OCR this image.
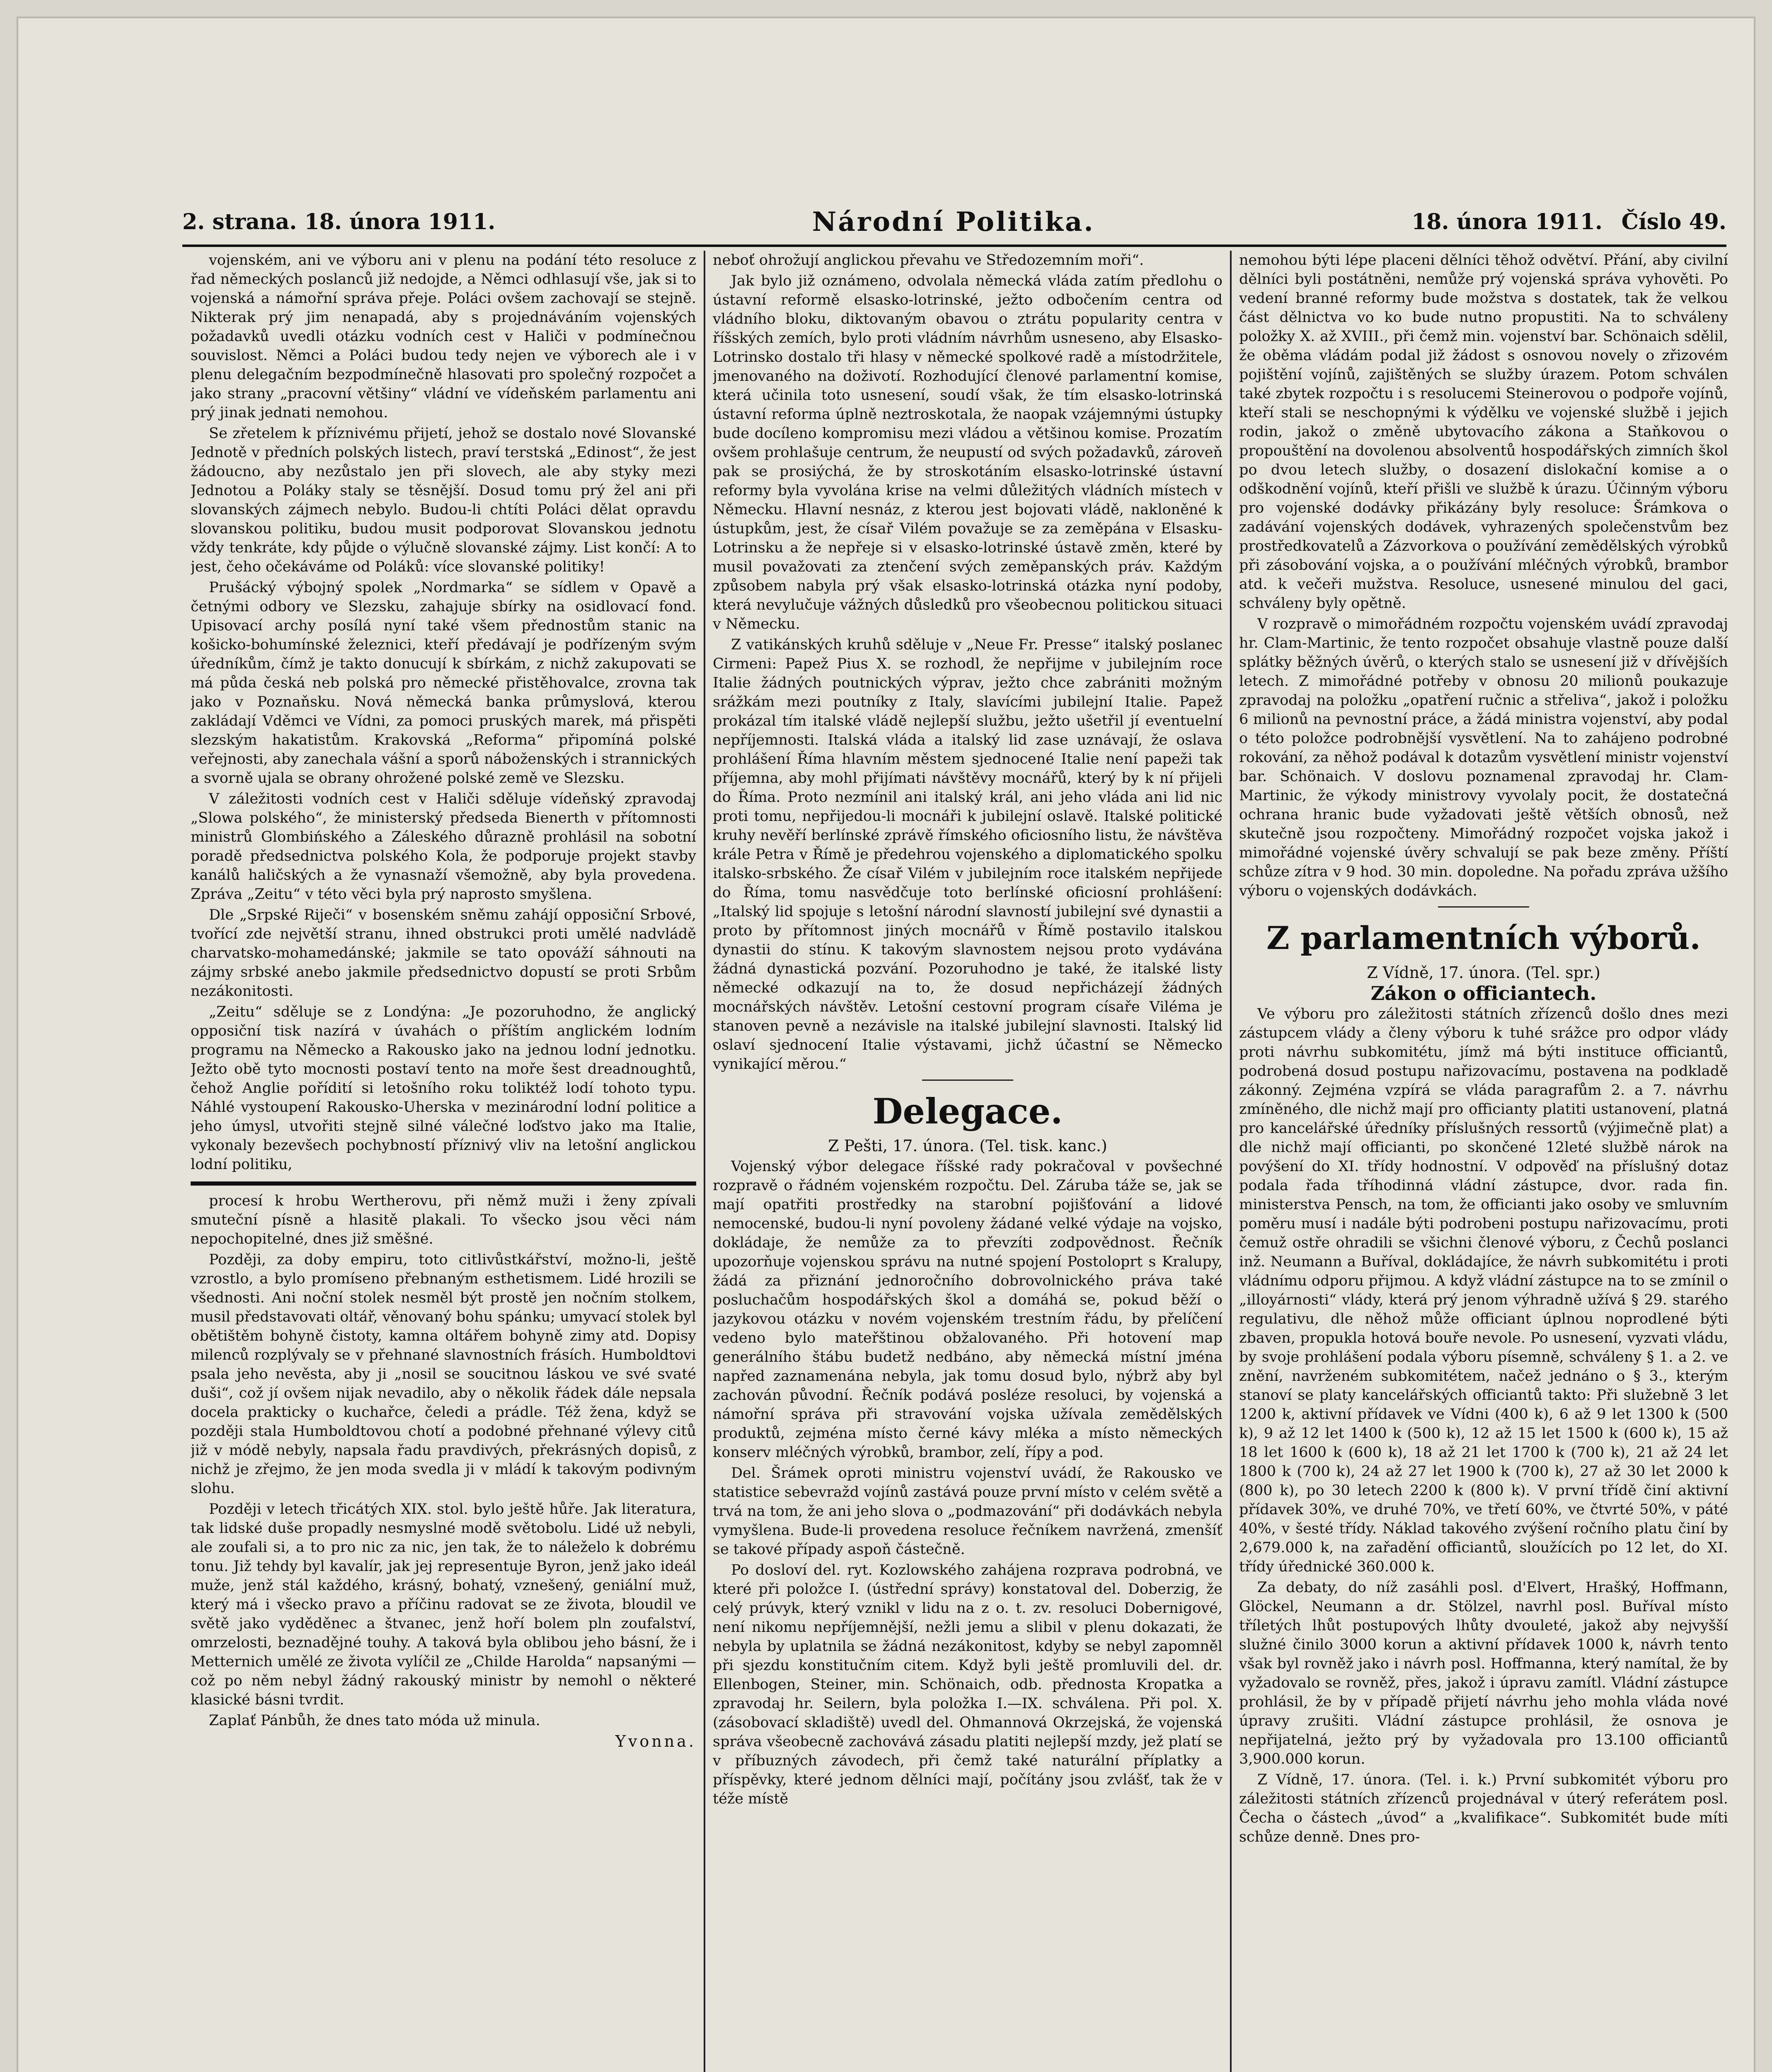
2. strana. 18. února 1911.	Národní Politika.	18. února 1911. Číslo 49.

vojenském, ani ve výboru ani v plenu na podání této resoluce z řad německých poslanců již nedojde, a Němci odhlasují vše, jak si to vojenská a námořní správa přeje. Poláci ovšem zachovají se stejně. Nikterak prý jim nenapadá, aby s projednáváním vojenských požadavků uvedli otázku vodních cest v Haliči v podmínečnou souvislost. Němci a Poláci budou tedy nejen ve výborech ale i v plenu delegačním bezpodmínečně hlasovati pro společný rozpočet a jako strany „pracovní většiny“ vládní ve vídeňském parlamentu ani prý jinak jednati nemohou.

Se zřetelem k příznivému přijetí, jehož se dostalo nové Slovanské Jednotě v předních polských listech, praví terstská „Edinost“, že jest žádoucno, aby nezůstalo jen při slovech, ale aby styky mezi Jednotou a Poláky staly se těsnější. Dosud tomu prý žel ani při slovanských zájmech nebylo. Budou-li chtíti Poláci dělat opravdu slovanskou politiku, budou musit podporovat Slovanskou jednotu vždy tenkráte, kdy půjde o výlučně slovanské zájmy. List končí: A to jest, čeho očekáváme od Poláků: více slovanské politiky!

Prušácký výbojný spolek „Nordmarka“ se sídlem v Opavě a četnými odbory ve Slezsku, zahajuje sbírky na osidlovací fond. Upisovací archy posílá nyní také všem přednostům stanic na košicko-bohumínské železnici, kteří předávají je podřízeným svým úředníkům, čímž je takto donucují k sbírkám, z nichž zakupovati se má půda česká neb polská pro německé přistěhovalce, zrovna tak jako v Poznaňsku. Nová německá banka průmyslová, kterou zakládají Vděmci ve Vídni, za pomoci pruských marek, má přispěti slezským hakatistům. Krakovská „Reforma“ připomíná polské veřejnosti, aby zanechala vášní a sporů náboženských i strannických a svorně ujala se obrany ohrožené polské země ve Slezsku.

V záležitosti vodních cest v Haliči sděluje vídeňský zpravodaj „Slowa polského“, že ministerský předseda Bienerth v přítomnosti ministrů Glombińského a Záleského důrazně prohlásil na sobotní poradě předsednictva polského Kola, že podporuje projekt stavby kanálů haličských a že vynasnaží všemožně, aby byla provedena. Zpráva „Zeitu“ v této věci byla prý naprosto smyšlena.

Dle „Srpské Riječi“ v bosenském sněmu zahájí opposiční Srbové, tvořící zde největší stranu, ihned obstrukci proti umělé nadvládě charvatsko-mohamedánské; jakmile se tato opováží sáhnouti na zájmy srbské anebo jakmile předsednictvo dopustí se proti Srbům nezákonitosti.

„Zeitu“ sděluje se z Londýna: „Je pozoruhodno, že anglický opposiční tisk nazírá v úvahách o příštím anglickém lodním programu na Německo a Rakousko jako na jednou lodní jednotku. Ježto obě tyto mocnosti postaví tento na moře šest dreadnoughtů, čehož Anglie pořídití si letošního roku toliktéž lodí tohoto typu. Náhlé vystoupení Rakousko-Uherska v mezinárodní lodní politice a jeho úmysl, utvořiti stejně silné válečné loďstvo jako ma Italie, vykonaly bezevšech pochybností příznivý vliv na letošní anglickou lodní politiku,

procesí k hrobu Wertherovu, při němž muži i ženy zpívali smuteční písně a hlasitě plakali. To všecko jsou věci nám nepochopitelné, dnes již směšné.

Později, za doby empiru, toto citlivůstkářství, možno-li, ještě vzrostlo, a bylo promíseno přebnaným esthetismem. Lidé hrozili se všednosti. Ani noční stolek nesměl být prostě jen nočním stolkem, musil představovati oltář, věnovaný bohu spánku; umyvací stolek byl obětištěm bohyně čistoty, kamna oltářem bohyně zimy atd. Dopisy milenců rozplývaly se v přehnané slavnostních frásích. Humboldtovi psala jeho nevěsta, aby ji „nosil se soucitnou láskou ve své svaté duši“, což jí ovšem nijak nevadilo, aby o několik řádek dále nepsala docela prakticky o kuchařce, čeledi a prádle. Též žena, když se později stala Humboldtovou chotí a podobné přehnané výlevy citů již v módě nebyly, napsala řadu pravdivých, překrásných dopisů, z nichž je zřejmo, že jen moda svedla ji v mládí k takovým podivným slohu.

Později v letech třicátých XIX. stol. bylo ještě hůře. Jak literatura, tak lidské duše propadly nesmyslné modě světobolu. Lidé už nebyli, ale zoufali si, a to pro nic za nic, jen tak, že to náleželo k dobrému tonu. Již tehdy byl kavalír, jak jej representuje Byron, jenž jako ideál muže, jenž stál každého, krásný, bohatý, vznešený, geniální muž, který má i všecko pravo a příčinu radovat se ze života, bloudil ve světě jako vyděděnec a štvanec, jenž hoří bolem pln zoufalství, omrzelosti, beznadějné touhy. A taková byla oblibou jeho básní, že i Metternich umělé ze života vylíčil ze „Childe Harolda“ napsanými — což po něm nebyl žádný rakouský ministr by nemohl o některé klasické básni tvrdit.

Zaplať Pánbůh, že dnes tato móda už minula.

Yvonna.

neboť ohrožují anglickou převahu ve Středozemním moři“.

Jak bylo již oznámeno, odvolala německá vláda zatím předlohu o ústavní reformě elsasko-lotrinské, ježto odbočením centra od vládního bloku, diktovaným obavou o ztrátu popularity centra v říšských zemích, bylo proti vládním návrhům usneseno, aby Elsasko-Lotrinsko dostalo tři hlasy v německé spolkové radě a místodržitele, jmenovaného na doživotí. Rozhodující členové parlamentní komise, která učinila toto usnesení, soudí však, že tím elsasko-lotrinská ústavní reforma úplně neztroskotala, že naopak vzájemnými ústupky bude docíleno kompromisu mezi vládou a většinou komise. Prozatím ovšem prohlašuje centrum, že neupustí od svých požadavků, zároveň pak se prosiýchá, že by stroskotáním elsasko-lotrinské ústavní reformy byla vyvolána krise na velmi důležitých vládních místech v Německu. Hlavní nesnáz, z kterou jest bojovati vládě, nakloněné k ústupkům, jest, že císař Vilém považuje se za zeměpána v Elsasku-Lotrinsku a že nepřeje si v elsasko-lotrinské ústavě změn, které by musil považovati za ztenčení svých zeměpanských práv. Každým způsobem nabyla prý však elsasko-lotrinská otázka nyní podoby, která nevylučuje vážných důsledků pro všeobecnou politickou situaci v Německu.

Z vatikánských kruhů sděluje v „Neue Fr. Presse“ italský poslanec Cirmeni: Papež Pius X. se rozhodl, že nepřijme v jubilejním roce Italie žádných poutnických výprav, ježto chce zabrániti možným srážkám mezi poutníky z Italy, slavícími jubilejní Italie. Papež prokázal tím italské vládě nejlepší službu, ježto ušetřil jí eventuelní nepříjemnosti. Italská vláda a italský lid zase uznávají, že oslava prohlášení Říma hlavním městem sjednocené Italie není papeži tak příjemna, aby mohl přijímati návštěvy mocnářů, který by k ní přijeli do Říma. Proto nezmínil ani italský král, ani jeho vláda ani lid nic proti tomu, nepřijedou-li mocnáři k jubilejní oslavě. Italské politické kruhy nevěří berlínské zprávě římského oficiosního listu, že návštěva krále Petra v Římě je předehrou vojenského a diplomatického spolku italsko-srbského. Že císař Vilém v jubilejním roce italském nepřijede do Říma, tomu nasvědčuje toto berlínské oficiosní prohlášení: „Italský lid spojuje s letošní národní slavností jubilejní své dynastii a proto by přítomnost jiných mocnářů v Římě postavilo italskou dynastii do stínu. K takovým slavnostem nejsou proto vydávána žádná dynastická pozvání. Pozoruhodno je také, že italské listy německé odkazují na to, že dosud nepřicházejí žádných mocnářských návštěv. Letošní cestovní program císaře Viléma je stanoven pevně a nezávisle na italské jubilejní slavnosti. Italský lid oslaví sjednocení Italie výstavami, jichž účastní se Německo vynikající měrou.“

Delegace.

Z Pešti, 17. února. (Tel. tisk. kanc.)

Vojenský výbor delegace říšské rady pokračoval v povšechné rozpravě o řádném vojenském rozpočtu. Del. Záruba táže se, jak se mají opatřiti prostředky na starobní pojišťování a lidové nemocenské, budou-li nyní povoleny žádané velké výdaje na vojsko, dokládaje, že nemůže za to převzíti zodpovědnost. Řečník upozorňuje vojenskou správu na nutné spojení Postoloprt s Kralupy, žádá za přiznání jednoročního dobrovolnického práva také posluchačům hospodářských škol a domáhá se, pokud běží o jazykovou otázku v novém vojenském trestním řádu, by přelíčení vedeno bylo mateřštinou obžalovaného. Při hotovení map generálního štábu budetž nedbáno, aby německá místní jména napřed zaznamenána nebyla, jak tomu dosud bylo, nýbrž aby byl zachován původní. Řečník podává posléze resoluci, by vojenská a námořní správa při stravování vojska užívala zemědělských produktů, zejména místo černé kávy mléka a místo německých konserv mléčných výrobků, brambor, zelí, řípy a pod.

Del. Šrámek oproti ministru vojenství uvádí, že Rakousko ve statistice sebevražd vojínů zastává pouze první místo v celém světě a trvá na tom, že ani jeho slova o „podmazování“ při dodávkách nebyla vymyšlena. Bude-li provedena resoluce řečníkem navržená, zmenšíť se takové případy aspoň částečně.

Po dosloví del. ryt. Kozlowského zahájena rozprava podrobná, ve které při položce I. (ústřední správy) konstatoval del. Doberzig, že celý prúvyk, který vznikl v lidu na z o. t. zv. resoluci Dobernigové, není nikomu nepříjemnější, nežli jemu a slibil v plenu dokazati, že nebyla by uplatnila se žádná nezákonitost, kdyby se nebyl zapomněl při sjezdu konstitučním citem. Když byli ještě promluvili del. dr. Ellenbogen, Steiner, min. Schönaich, odb. přednosta Kropatka a zpravodaj hr. Seilern, byla položka I.—IX. schválena. Při pol. X. (zásobovací skladiště) uvedl del. Ohmannová Okrzejská, že vojenská správa všeobecně zachovává zásadu platiti nejlepší mzdy, jež platí se v příbuzných závodech, při čemž také naturální příplatky a příspěvky, které jednom dělníci mají, počítány jsou zvlášť, tak že v téže místě

nemohou býti lépe placeni dělníci těhož odvětví. Přání, aby civilní dělníci byli postátněni, nemůže prý vojenská správa vyhověti. Po vedení branné reformy bude možstva s dostatek, tak že velkou část dělnictva vo ko bude nutno propustiti. Na to schváleny položky X. až XVIII., při čemž min. vojenství bar. Schönaich sdělil, že oběma vládám podal již žádost s osnovou novely o zřizovém pojištění vojínů, zajištěných se služby úrazem. Potom schválen také zbytek rozpočtu i s resolucemi Steinerovou o podpoře vojínů, kteří stali se neschopnými k výdělku ve vojenské službě i jejich rodin, jakož o změně ubytovacího zákona a Staňkovou o propouštění na dovolenou absolventů hospodářských zimních škol po dvou letech služby, o dosazení dislokační komise a o odškodnění vojínů, kteří přišli ve službě k úrazu. Účinným výboru pro vojenské dodávky přikázány byly resoluce: Šrámkova o zadávání vojenských dodávek, vyhrazených společenstvům bez prostředkovatelů a Zázvorkova o používání zemědělských výrobků při zásobování vojska, a o používání mléčných výrobků, brambor atd. k večeři mužstva. Resoluce, usnesené minulou del gaci, schváleny byly opětně.

V rozpravě o mimořádném rozpočtu vojenském uvádí zpravodaj hr. Clam-Martinic, že tento rozpočet obsahuje vlastně pouze další splátky běžných úvěrů, o kterých stalo se usnesení již v dřívějších letech. Z mimořádné potřeby v obnosu 20 milionů poukazuje zpravodaj na položku „opatření ručnic a střeliva“, jakož i položku 6 milionů na pevnostní práce, a žádá ministra vojenství, aby podal o této položce podrobnější vysvětlení. Na to zahájeno podrobné rokování, za něhož podával k dotazům vysvětlení ministr vojenství bar. Schönaich. V doslovu poznamenal zpravodaj hr. Clam-Martinic, že výkody ministrovy vyvolaly pocit, že dostatečná ochrana hranic bude vyžadovati ještě větších obnosů, než skutečně jsou rozpočteny. Mimořádný rozpočet vojska jakož i mimořádné vojenské úvěry schvalují se pak beze změny. Příští schůze zítra v 9 hod. 30 min. dopoledne. Na pořadu zpráva užšího výboru o vojenských dodávkách.

Z parlamentních výborů.

Z Vídně, 17. února. (Tel. spr.)

Zákon o officiantech.

Ve výboru pro záležitosti státních zřízenců došlo dnes mezi zástupcem vlády a členy výboru k tuhé srážce pro odpor vlády proti návrhu subkomitétu, jímž má býti instituce officiantů, podrobená dosud postupu nařizovacímu, postavena na podkladě zákonný. Zejména vzpírá se vláda paragrafům 2. a 7. návrhu zmíněného, dle nichž mají pro officianty platiti ustanovení, platná pro kancelářské úředníky příslušných ressortů (výjimečně plat) a dle nichž mají officianti, po skončené 12leté službě nárok na povýšení do XI. třídy hodnostní. V odpověď na příslušný dotaz podala řada tříhodinná vládní zástupce, dvor. rada fin. ministerstva Pensch, na tom, že officianti jako osoby ve smluvním poměru musí i nadále býti podrobeni postupu nařizovacímu, proti čemuž ostře ohradili se všichni členové výboru, z Čechů poslanci inž. Neumann a Buříval, dokládajíce, že návrh subkomitétu i proti vládnímu odporu přijmou. A když vládní zástupce na to se zmínil o „illoyárnosti“ vlády, která prý jenom výhradně užívá § 29. starého regulativu, dle něhož může officiant úplnou noprodlené býti zbaven, propukla hotová bouře nevole. Po usnesení, vyzvati vládu, by svoje prohlášení podala výboru písemně, schváleny § 1. a 2. ve znění, navrženém subkomitétem, načež jednáno o § 3., kterým stanoví se platy kancelářských officiantů takto: Při služebně 3 let 1200 k, aktivní přídavek ve Vídni (400 k), 6 až 9 let 1300 k (500 k), 9 až 12 let 1400 k (500 k), 12 až 15 let 1500 k (600 k), 15 až 18 let 1600 k (600 k), 18 až 21 let 1700 k (700 k), 21 až 24 let 1800 k (700 k), 24 až 27 let 1900 k (700 k), 27 až 30 let 2000 k (800 k), po 30 letech 2200 k (800 k). V první třídě činí aktivní přídavek 30%, ve druhé 70%, ve třetí 60%, ve čtvrté 50%, v páté 40%, v šesté třídy. Náklad takového zvýšení ročního platu činí by 2,679.000 k, na zařadění officiantů, sloužících po 12 let, do XI. třídy úřednické 360.000 k.

Za debaty, do níž zasáhli posl. d'Elvert, Hrašký, Hoffmann, Glöckel, Neumann a dr. Stölzel, navrhl posl. Buříval místo tříletých lhůt postupových lhůty dvouleté, jakož aby nejvyšší služné činilo 3000 korun a aktivní přídavek 1000 k, návrh tento však byl rovněž jako i návrh posl. Hoffmanna, který namítal, že by vyžadovalo se rovněž, přes, jakož i úpravu zamítl. Vládní zástupce prohlásil, že by v případě přijetí návrhu jeho mohla vláda nové úpravy zrušiti. Vládní zástupce prohlásil, že osnova je nepřijatelná, ježto prý by vyžadovala pro 13.100 officiantů 3,900.000 korun.

Z Vídně, 17. února. (Tel. i. k.) První subkomitét výboru pro záležitosti státních zřízenců projednával v úterý referátem posl. Čecha o částech „úvod“ a „kvalifikace“. Subkomitét bude míti schůze denně. Dnes pro-
